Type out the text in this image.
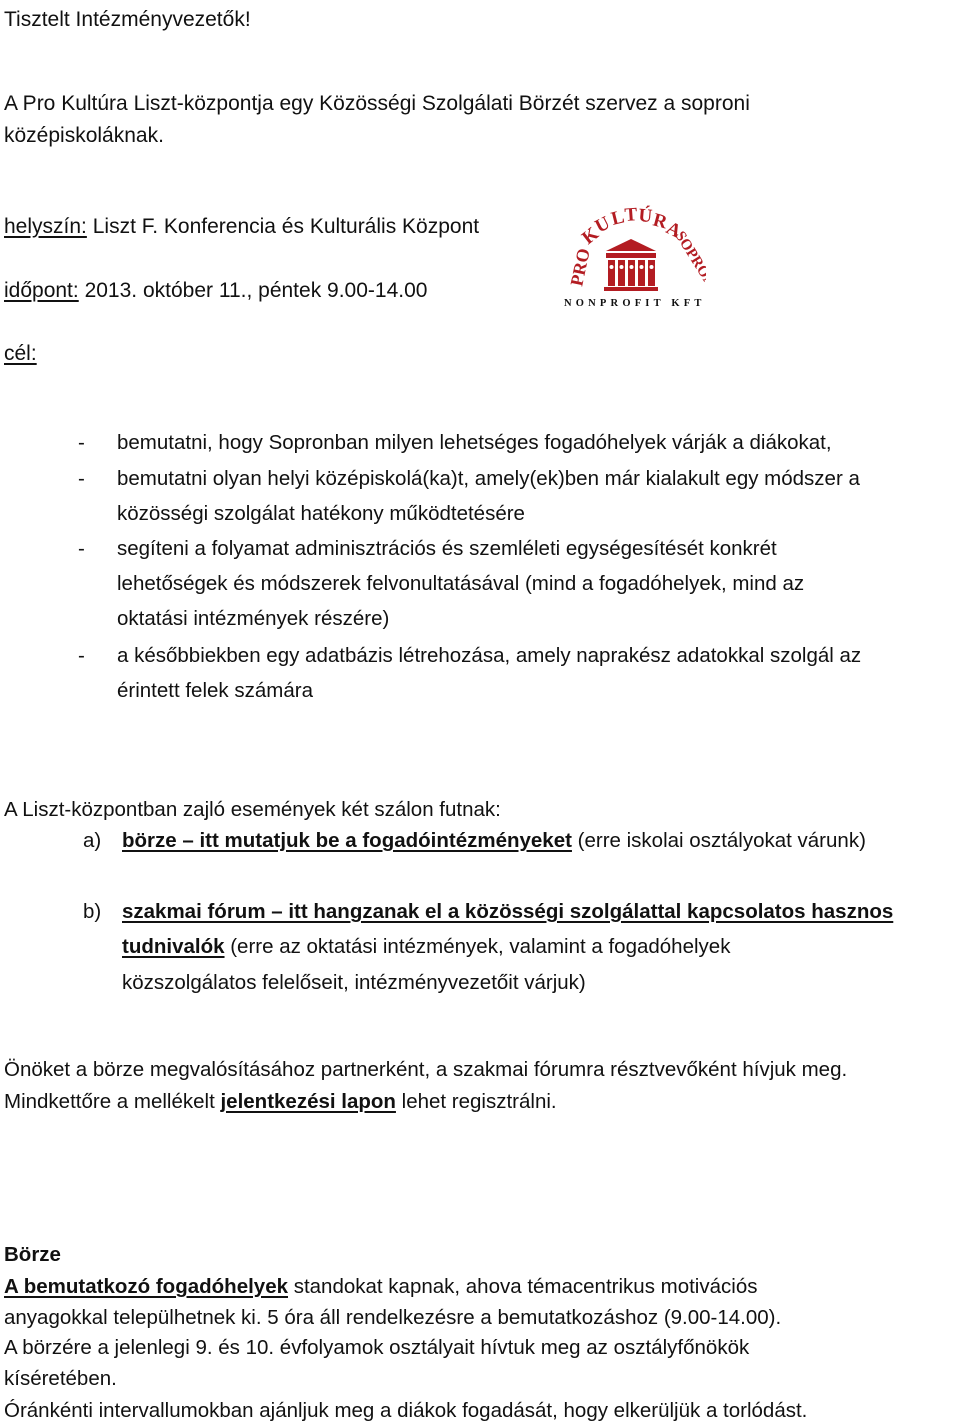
Tisztelt Intézményvezetők!
A Pro Kultúra Liszt-központja egy Közösségi Szolgálati Börzét szervez a soproni
középiskoláknak.
helyszín: Liszt F. Konferencia és Kulturális Központ
időpont: 2013. október 11., péntek 9.00-14.00
cél:
PRO
K
U
L
T Ú
R
A
SOPRON
NONPROFIT KFT
- bemutatni, hogy Sopronban milyen lehetséges fogadóhelyek várják a diákokat,
- bemutatni olyan helyi középiskolá(ka)t, amely(ek)ben már kialakult egy módszer a
közösségi szolgálat hatékony működtetésére
- segíteni a folyamat adminisztrációs és szemléleti egységesítését konkrét
lehetőségek és módszerek felvonultatásával (mind a fogadóhelyek, mind az
oktatási intézmények részére)
- a későbbiekben egy adatbázis létrehozása, amely naprakész adatokkal szolgál az
érintett felek számára
A Liszt-központban zajló események két szálon futnak:
a) börze – itt mutatjuk be a fogadóintézményeket (erre iskolai osztályokat várunk)
b) szakmai fórum – itt hangzanak el a közösségi szolgálattal kapcsolatos hasznos
tudnivalók (erre az oktatási intézmények, valamint a fogadóhelyek
közszolgálatos felelőseit, intézményvezetőit várjuk)
Önöket a börze megvalósításához partnerként, a szakmai fórumra résztvevőként hívjuk meg.
Mindkettőre a mellékelt jelentkezési lapon lehet regisztrálni.
Börze
A bemutatkozó fogadóhelyek standokat kapnak, ahova témacentrikus motivációs
anyagokkal települhetnek ki. 5 óra áll rendelkezésre a bemutatkozáshoz (9.00-14.00).
A börzére a jelenlegi 9. és 10. évfolyamok osztályait hívtuk meg az osztályfőnökök
kíséretében.
Óránkénti intervallumokban ajánljuk meg a diákok fogadását, hogy elkerüljük a torlódást.
